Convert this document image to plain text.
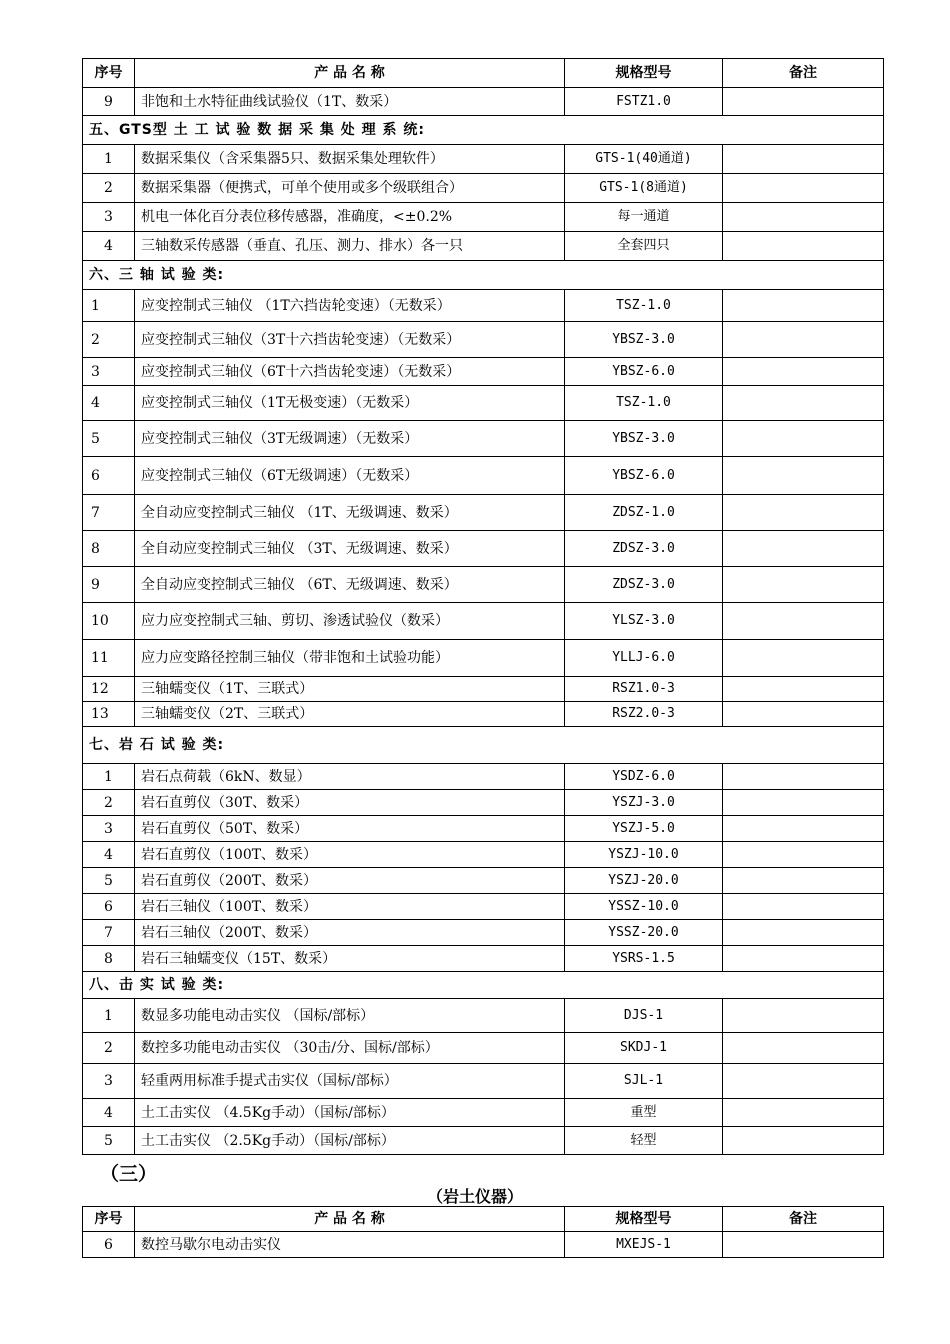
序号	产 品 名 称	规格型号	备注
9	非饱和土水特征曲线试验仪（1T、数采）	FSTZ1.0	
五、GTS型 土 工 试 验 数 据 采 集 处 理 系 统:			
1	数据采集仪（含采集器5只、数据采集处理软件）	GTS-1(40通道)	
2	数据采集器（便携式，可单个使用或多个级联组合）	GTS-1(8通道)	
3	机电一体化百分表位移传感器，准确度，<±0.2%	每一通道	
4	三轴数采传感器（垂直、孔压、测力、排水）各一只	全套四只	
六、三 轴 试 验 类:			
1	应变控制式三轴仪 （1T六挡齿轮变速）（无数采）	TSZ-1.0	
2	应变控制式三轴仪（3T十六挡齿轮变速）（无数采）	YBSZ-3.0	
3	应变控制式三轴仪（6T十六挡齿轮变速）（无数采）	YBSZ-6.0	
4	应变控制式三轴仪（1T无极变速）（无数采）	TSZ-1.0	
5	应变控制式三轴仪（3T无级调速）（无数采）	YBSZ-3.0	
6	应变控制式三轴仪（6T无级调速）（无数采）	YBSZ-6.0	
7	全自动应变控制式三轴仪 （1T、无级调速、数采）	ZDSZ-1.0	
8	全自动应变控制式三轴仪 （3T、无级调速、数采）	ZDSZ-3.0	
9	全自动应变控制式三轴仪 （6T、无级调速、数采）	ZDSZ-3.0	
10	应力应变控制式三轴、剪切、渗透试验仪（数采）	YLSZ-3.0	
11	应力应变路径控制三轴仪（带非饱和土试验功能）	YLLJ-6.0	
12	三轴蠕变仪（1T、三联式）	RSZ1.0-3	
13	三轴蠕变仪（2T、三联式）	RSZ2.0-3	
七、岩 石 试 验 类:			
1	岩石点荷载（6kN、数显）	YSDZ-6.0	
2	岩石直剪仪（30T、数采）	YSZJ-3.0	
3	岩石直剪仪（50T、数采）	YSZJ-5.0	
4	岩石直剪仪（100T、数采）	YSZJ-10.0	
5	岩石直剪仪（200T、数采）	YSZJ-20.0	
6	岩石三轴仪（100T、数采）	YSSZ-10.0	
7	岩石三轴仪（200T、数采）	YSSZ-20.0	
8	岩石三轴蠕变仪（15T、数采）	YSRS-1.5	
八、击 实 试 验 类:			
1	数显多功能电动击实仪 （国标/部标）	DJS-1	
2	数控多功能电动击实仪 （30击/分、国标/部标）	SKDJ-1	
3	轻重两用标准手提式击实仪（国标/部标）	SJL-1	
4	土工击实仪 （4.5Kg手动）（国标/部标）	重型	
5	土工击实仪 （2.5Kg手动）（国标/部标）	轻型	
（三）
（岩土仪器）
序号	产 品 名 称	规格型号	备注
6	数控马歇尔电动击实仪	MXEJS-1	
